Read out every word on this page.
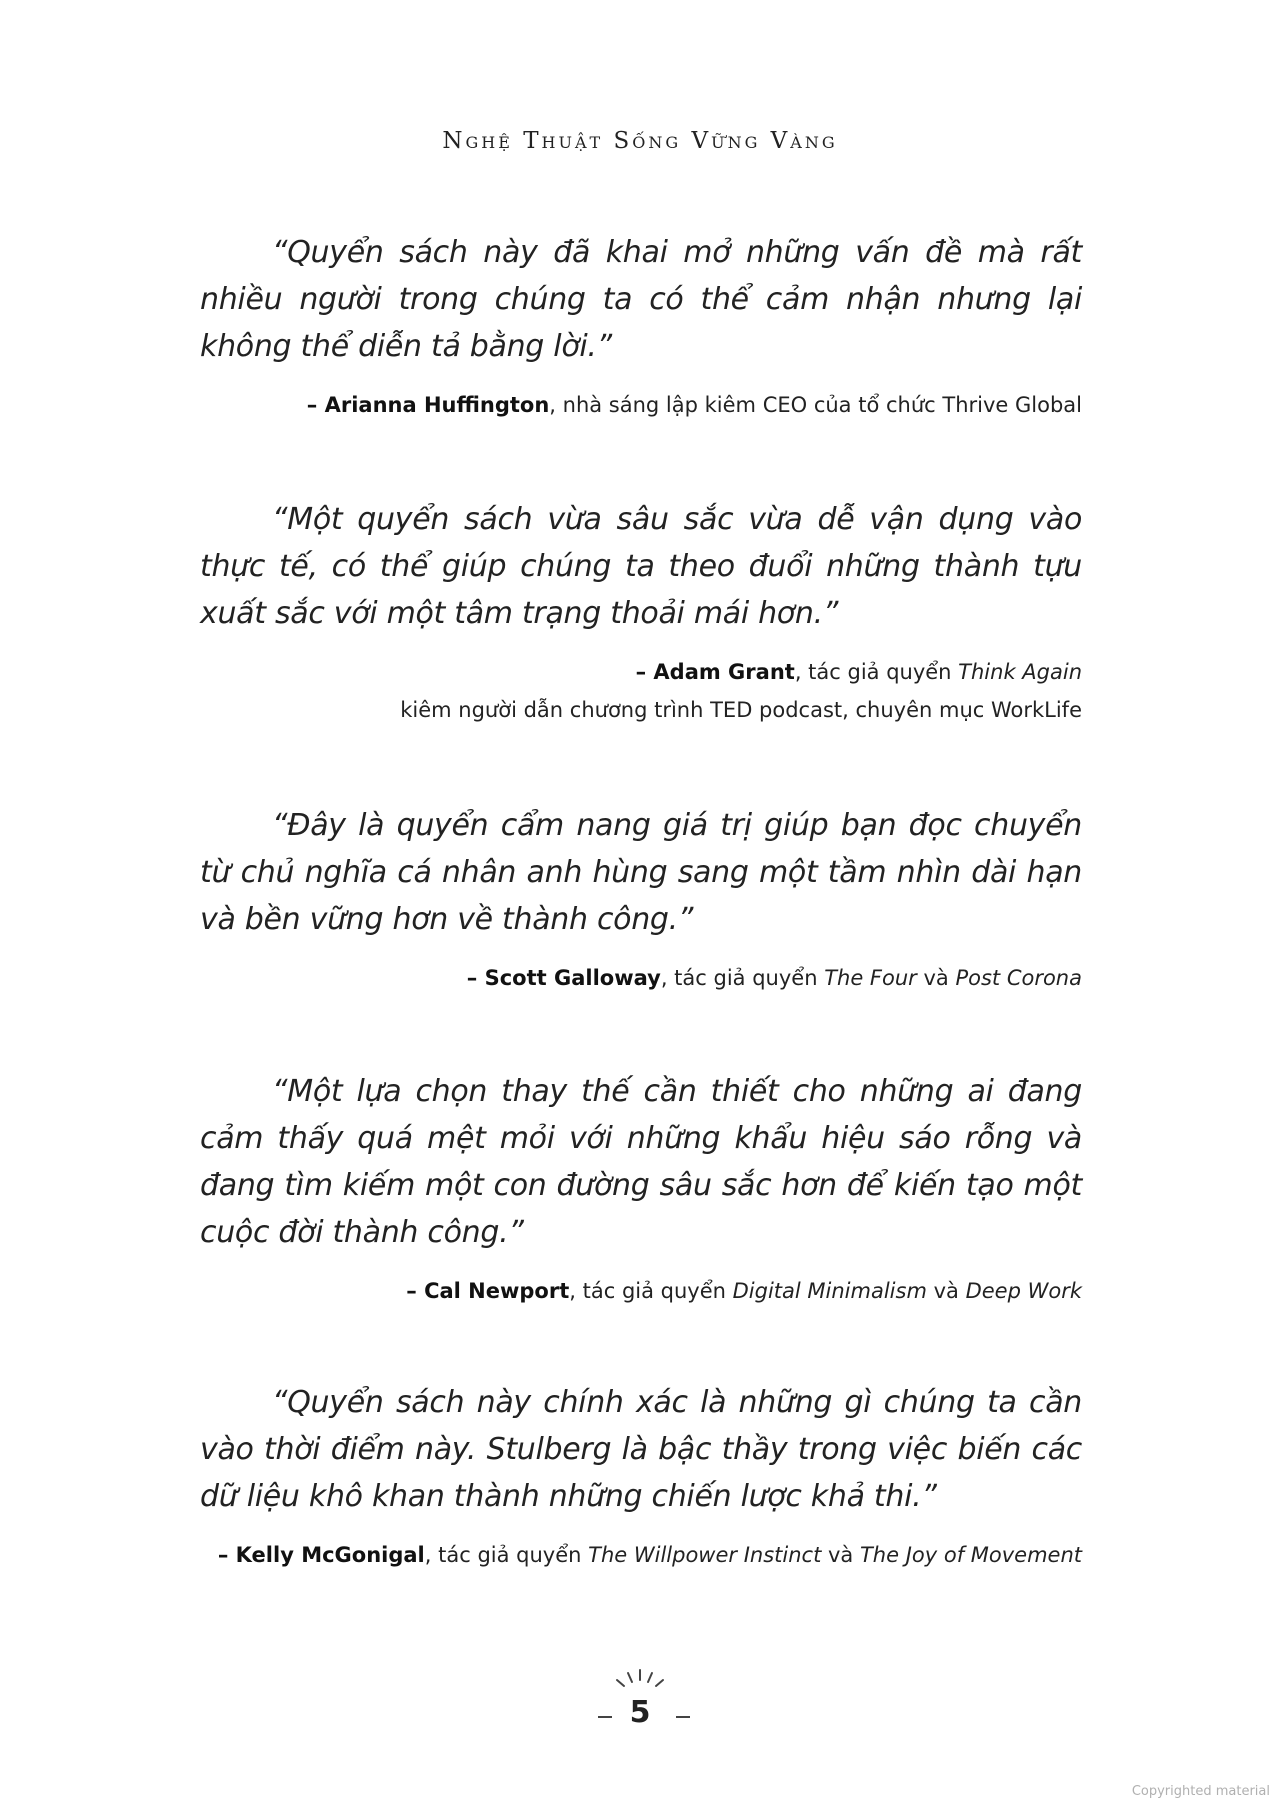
Nghệ Thuật Sống Vững Vàng

“Quyển sách này đã khai mở những vấn đề mà rất nhiều người trong chúng ta có thể cảm nhận nhưng lại không thể diễn tả bằng lời.”

– Arianna Huffington, nhà sáng lập kiêm CEO của tổ chức Thrive Global

“Một quyển sách vừa sâu sắc vừa dễ vận dụng vào thực tế, có thể giúp chúng ta theo đuổi những thành tựu xuất sắc với một tâm trạng thoải mái hơn.”

– Adam Grant, tác giả quyển Think Again
kiêm người dẫn chương trình TED podcast, chuyên mục WorkLife

“Đây là quyển cẩm nang giá trị giúp bạn đọc chuyển từ chủ nghĩa cá nhân anh hùng sang một tầm nhìn dài hạn và bền vững hơn về thành công.”

– Scott Galloway, tác giả quyển The Four và Post Corona

“Một lựa chọn thay thế cần thiết cho những ai đang cảm thấy quá mệt mỏi với những khẩu hiệu sáo rỗng và đang tìm kiếm một con đường sâu sắc hơn để kiến tạo một cuộc đời thành công.”

– Cal Newport, tác giả quyển Digital Minimalism và Deep Work

“Quyển sách này chính xác là những gì chúng ta cần vào thời điểm này. Stulberg là bậc thầy trong việc biến các dữ liệu khô khan thành những chiến lược khả thi.”

– Kelly McGonigal, tác giả quyển The Willpower Instinct và The Joy of Movement
5
Copyrighted material
